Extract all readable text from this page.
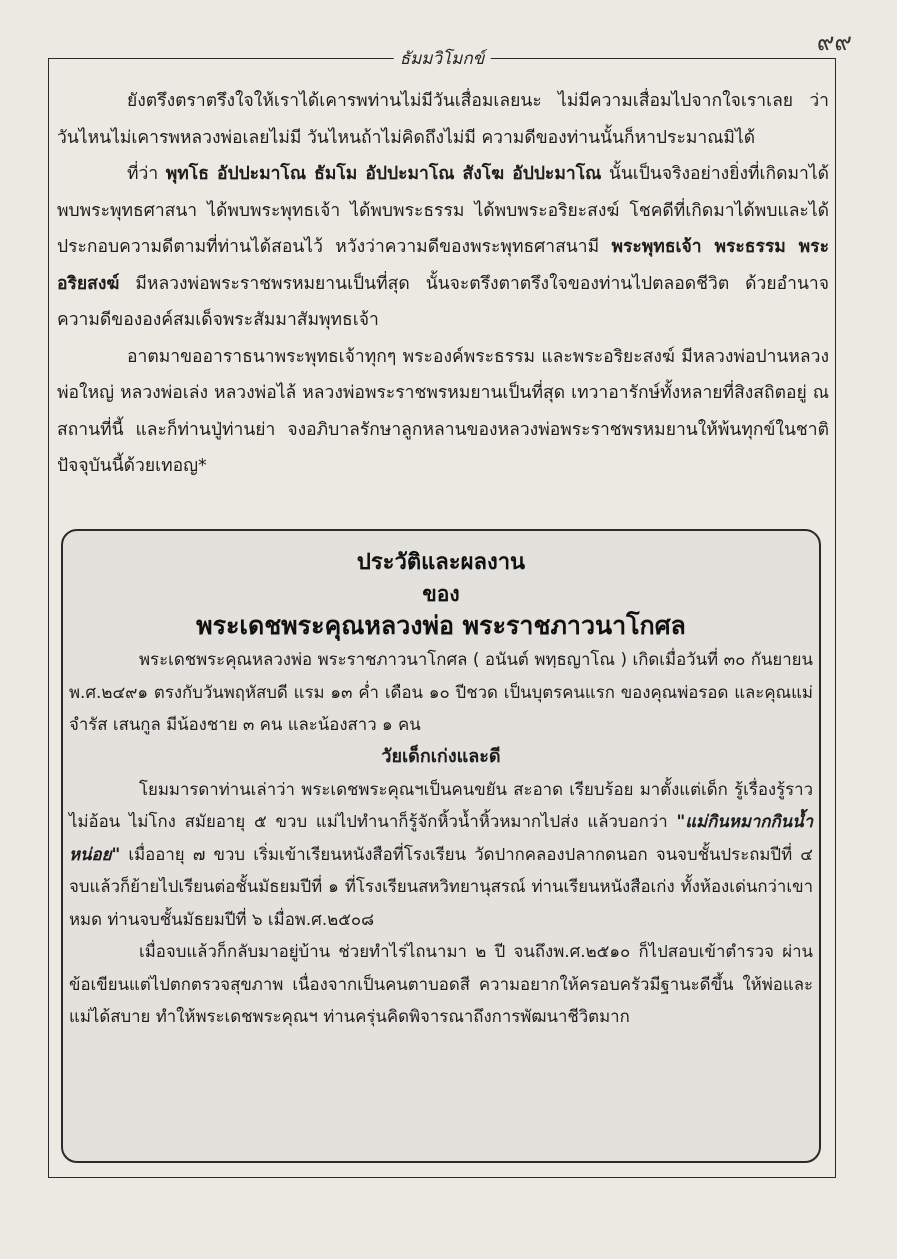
๙๙
ธัมมวิโมกข์

ยังตรึงตราตรึงใจให้เราได้เคารพท่านไม่มีวันเสื่อมเลยนะ ไม่มีความเสื่อมไปจากใจเราเลย ว่าวันไหนไม่เคารพหลวงพ่อเลยไม่มี วันไหนถ้าไม่คิดถึงไม่มี ความดีของท่านนั้นก็หาประมาณมิได้

ที่ว่า พุทโธ อัปปะมาโณ ธัมโม อัปปะมาโณ สังโฆ อัปปะมาโณ นั้นเป็นจริงอย่างยิ่งที่เกิดมาได้พบพระพุทธศาสนา ได้พบพระพุทธเจ้า ได้พบพระธรรม ได้พบพระอริยะสงฆ์ โชคดีที่เกิดมาได้พบและได้ประกอบความดีตามที่ท่านได้สอนไว้ หวังว่าความดีของพระพุทธศาสนามี พระพุทธเจ้า พระธรรม พระอริยสงฆ์ มีหลวงพ่อพระราชพรหมยานเป็นที่สุด นั้นจะตรึงตาตรึงใจของท่านไปตลอดชีวิต ด้วยอำนาจความดีขององค์สมเด็จพระสัมมาสัมพุทธเจ้า

อาตมาขออาราธนาพระพุทธเจ้าทุกๆ พระองค์พระธรรม และพระอริยะสงฆ์ มีหลวงพ่อปานหลวงพ่อใหญ่ หลวงพ่อเล่ง หลวงพ่อไล้ หลวงพ่อพระราชพรหมยานเป็นที่สุด เทวาอารักษ์ทั้งหลายที่สิงสถิตอยู่ ณ สถานที่นี้ และก็ท่านปู่ท่านย่า จงอภิบาลรักษาลูกหลานของหลวงพ่อพระราชพรหมยานให้พ้นทุกข์ในชาติปัจจุบันนี้ด้วยเทอญ*

ประวัติและผลงาน

ของ

พระเดชพระคุณหลวงพ่อ พระราชภาวนาโกศล

พระเดชพระคุณหลวงพ่อ พระราชภาวนาโกศล ( อนันต์ พทฺธญาโณ ) เกิดเมื่อวันที่ ๓๐ กันยายน พ.ศ.๒๔๙๑ ตรงกับวันพฤหัสบดี แรม ๑๓ ค่ำ เดือน ๑๐ ปีชวด เป็นบุตรคนแรก ของคุณพ่อรอด และคุณแม่จำรัส เสนกูล มีน้องชาย ๓ คน และน้องสาว ๑ คน

วัยเด็กเก่งและดี

โยมมารดาท่านเล่าว่า พระเดชพระคุณฯเป็นคนขยัน สะอาด เรียบร้อย มาตั้งแต่เด็ก รู้เรื่องรู้ราว ไม่อ้อน ไม่โกง สมัยอายุ ๕ ขวบ แม่ไปทำนาก็รู้จักหิ้วน้ำหิ้วหมากไปส่ง แล้วบอกว่า "แม่กินหมากกินน้ำหน่อย" เมื่ออายุ ๗ ขวบ เริ่มเข้าเรียนหนังสือที่โรงเรียน วัดปากคลองปลากดนอก จนจบชั้นประถมปีที่ ๔ จบแล้วก็ย้ายไปเรียนต่อชั้นมัธยมปีที่ ๑ ที่โรงเรียนสหวิทยานุสรณ์ ท่านเรียนหนังสือเก่ง ทั้งห้องเด่นกว่าเขาหมด ท่านจบชั้นมัธยมปีที่ ๖ เมื่อพ.ศ.๒๕๐๘

เมื่อจบแล้วก็กลับมาอยู่บ้าน ช่วยทำไร่ไถนามา ๒ ปี จนถึงพ.ศ.๒๕๑๐ ก็ไปสอบเข้าตำรวจ ผ่านข้อเขียนแต่ไปตกตรวจสุขภาพ เนื่องจากเป็นคนตาบอดสี ความอยากให้ครอบครัวมีฐานะดีขึ้น ให้พ่อและแม่ได้สบาย ทำให้พระเดชพระคุณฯ ท่านครุ่นคิดพิจารณาถึงการพัฒนาชีวิตมาก
